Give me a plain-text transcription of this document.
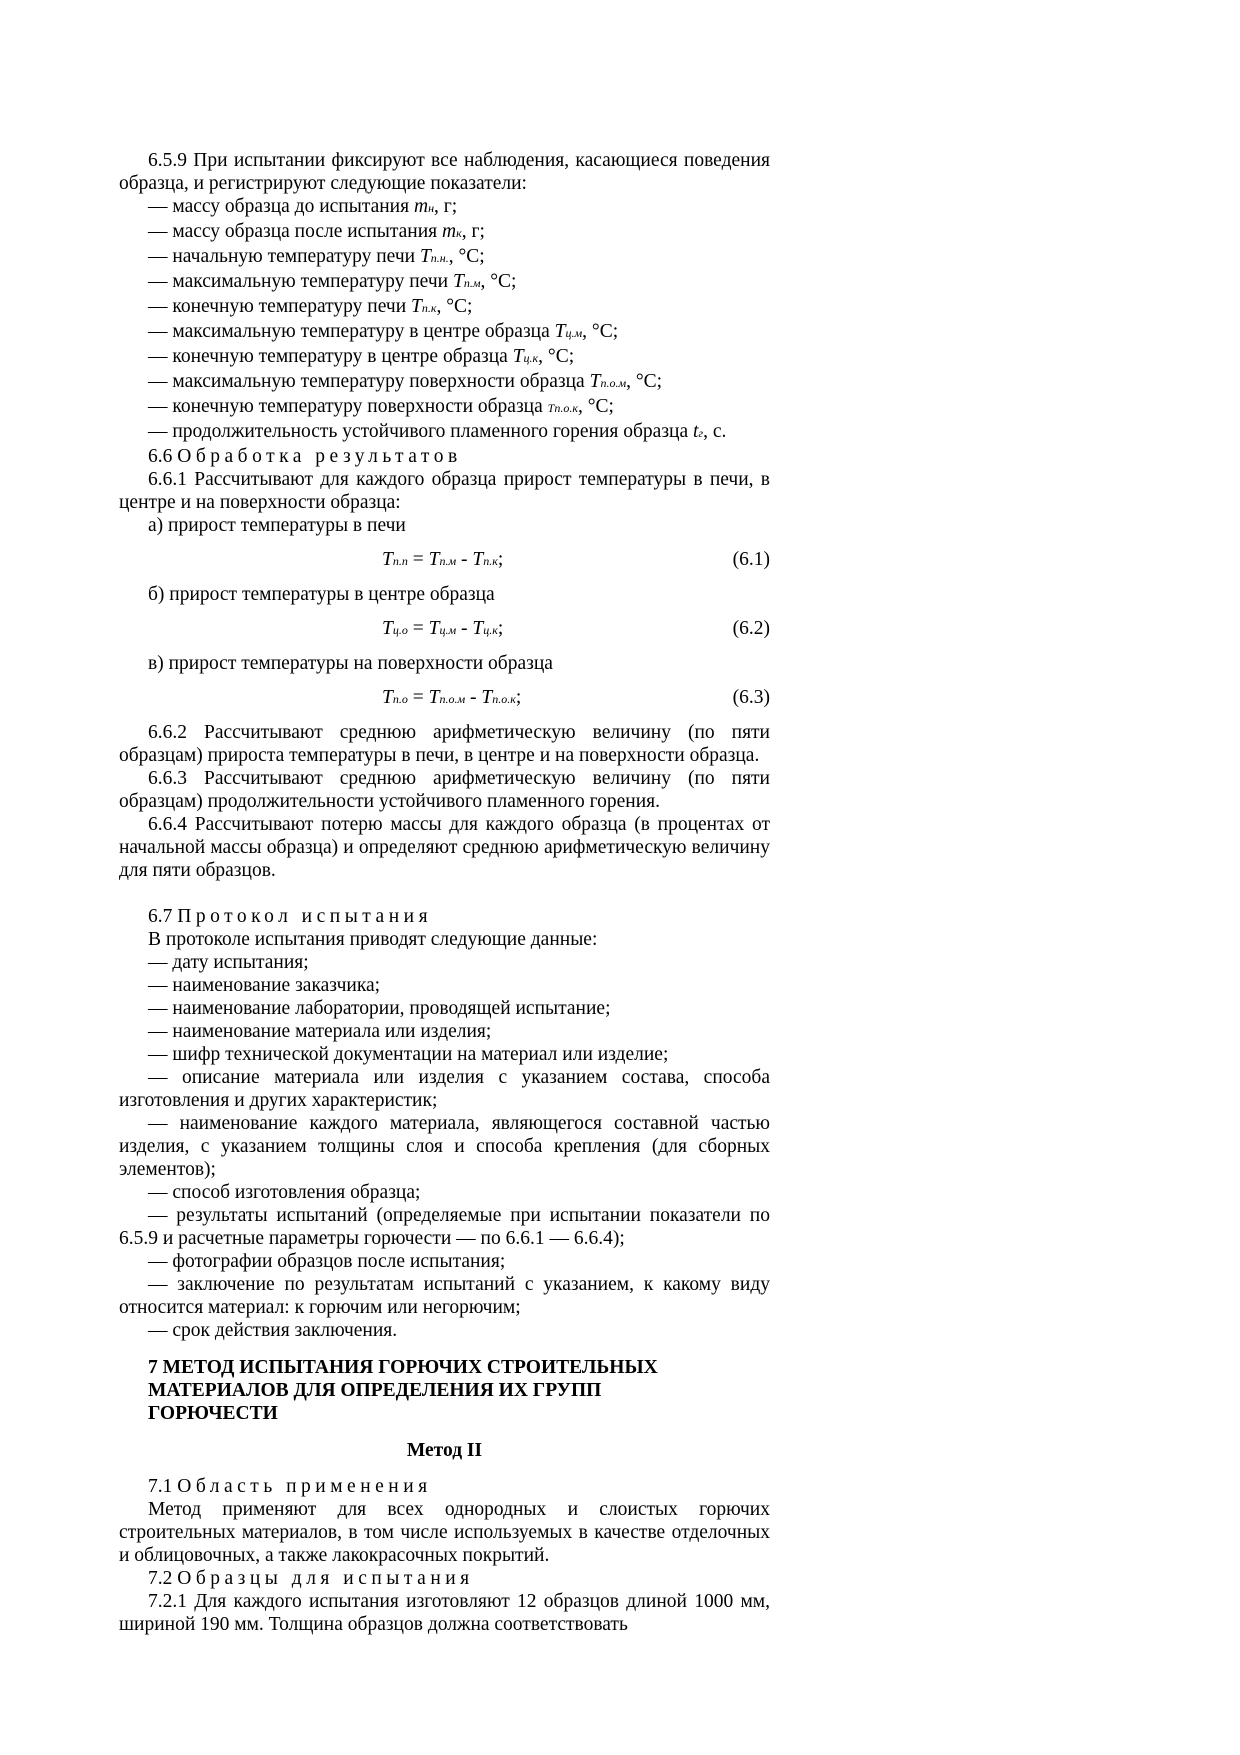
6.5.9 При испытании фиксируют все наблюдения, касающиеся поведения образца, и регистрируют следующие показатели:

— массу образца до испытания mн, г;

— массу образца после испытания mк, г;

— начальную температуру печи Tп.н., °С;

— максимальную температуру печи Tп.м, °С;

— конечную температуру печи Tп.к, °С;

— максимальную температуру в центре образца Tц.м, °С;

— конечную температуру в центре образца Tц.к, °С;

— максимальную температуру поверхности образца Tп.о.м, °С;

— конечную температуру поверхности образца Tп.о.к, °С;

— продолжительность устойчивого пламенного горения образца tг, с.

6.6 Обработка результатов

6.6.1 Рассчитывают для каждого образца прирост температуры в печи, в центре и на поверхности образца:

а) прирост температуры в печи

Tп.п = Tп.м - Tп.к;	(6.1)

б) прирост температуры в центре образца

Tц.о = Tц.м - Tц.к;	(6.2)

в) прирост температуры на поверхности образца

Tп.о = Tп.о.м - Tп.о.к;	(6.3)

6.6.2 Рассчитывают среднюю арифметическую величину (по пяти образцам) прироста температуры в печи, в центре и на поверхности образца.

6.6.3 Рассчитывают среднюю арифметическую величину (по пяти образцам) продолжительности устойчивого пламенного горения.

6.6.4 Рассчитывают потерю массы для каждого образца (в процентах от начальной массы образца) и определяют среднюю арифметическую величину для пяти образцов.

6.7 Протокол испытания

В протоколе испытания приводят следующие данные:

— дату испытания;

— наименование заказчика;

— наименование лаборатории, проводящей испытание;

— наименование материала или изделия;

— шифр технической документации на материал или изделие;

— описание материала или изделия с указанием состава, способа изготовления и других характеристик;

— наименование каждого материала, являющегося составной частью изделия, с указанием толщины слоя и способа крепления (для сборных элементов);

— способ изготовления образца;

— результаты испытаний (определяемые при испытании показатели по 6.5.9 и расчетные параметры горючести — по 6.6.1 — 6.6.4);

— фотографии образцов после испытания;

— заключение по результатам испытаний с указанием, к какому виду относится материал: к горючим или негорючим;

— срок действия заключения.

7 МЕТОД ИСПЫТАНИЯ ГОРЮЧИХ СТРОИТЕЛЬНЫХ
МАТЕРИАЛОВ ДЛЯ ОПРЕДЕЛЕНИЯ ИХ ГРУПП
ГОРЮЧЕСТИ

Метод II

7.1 Область применения

Метод применяют для всех однородных и слоистых горючих строительных материалов, в том числе используемых в качестве отделочных и облицовочных, а также лакокрасочных покрытий.

7.2 Образцы для испытания

7.2.1 Для каждого испытания изготовляют 12 образцов длиной 1000 мм, шириной 190 мм. Толщина образцов должна соответствовать
